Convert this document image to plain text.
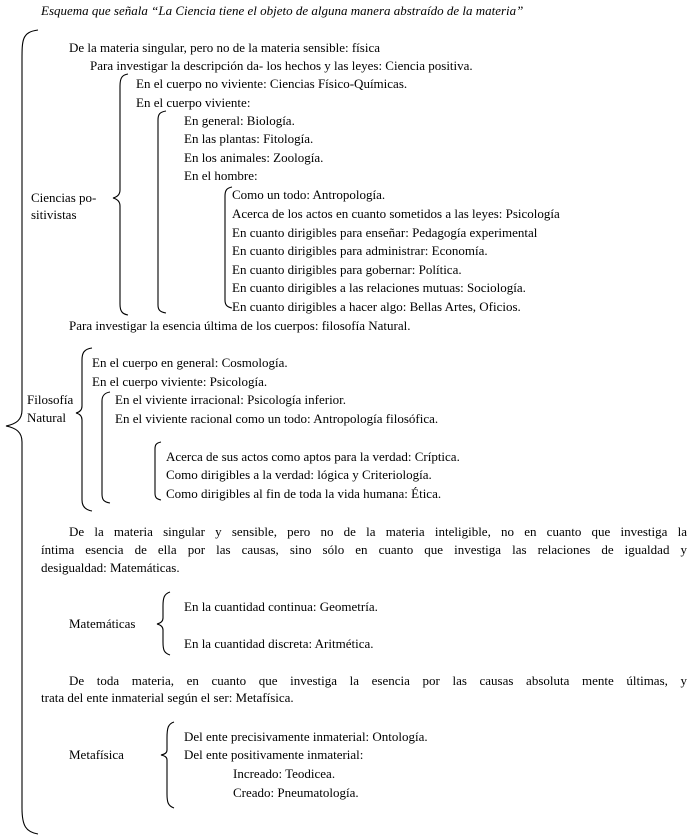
Esquema que señala “La Ciencia tiene el objeto de alguna manera abstraído de la materia”
De la materia singular, pero no de la materia sensible: física
Para investigar la descripción da- los hechos y las leyes: Ciencia positiva.
Ciencias po-
sitivistas
En el cuerpo no viviente: Ciencias Físico-Químicas.
En el cuerpo viviente:
En general: Biología.
En las plantas: Fitología.
En los animales: Zoología.
En el hombre:
Como un todo: Antropología.
Acerca de los actos en cuanto sometidos a las leyes: Psicología
En cuanto dirigibles para enseñar: Pedagogía experimental
En cuanto dirigibles para administrar: Economía.
En cuanto dirigibles para gobernar: Política.
En cuanto dirigibles a las relaciones mutuas: Sociología.
En cuanto dirigibles a hacer algo: Bellas Artes, Oficios.
Para investigar la esencia última de los cuerpos: filosofía Natural.
Filosofía
Natural
En el cuerpo en general: Cosmología.
En el cuerpo viviente: Psicología.
En el viviente irracional: Psicología inferior.
En el viviente racional como un todo: Antropología filosófica.
Acerca de sus actos como aptos para la verdad: Críptica.
Como dirigibles a la verdad: lógica y Criteriología.
Como dirigibles al fin de toda la vida humana: Ética.
De la materia singular y sensible, pero no de la materia inteligible, no en cuanto que investiga la
íntima esencia de ella por las causas, sino sólo en cuanto que investiga las relaciones de igualdad y
desigualdad: Matemáticas.
Matemáticas
En la cuantidad continua: Geometría.
En la cuantidad discreta: Aritmética.
De toda materia, en cuanto que investiga la esencia por las causas absoluta mente últimas, y
trata del ente inmaterial según el ser: Metafísica.
Metafísica
Del ente precisivamente inmaterial: Ontología.
Del ente positivamente inmaterial:
Increado: Teodicea.
Creado: Pneumatología.
